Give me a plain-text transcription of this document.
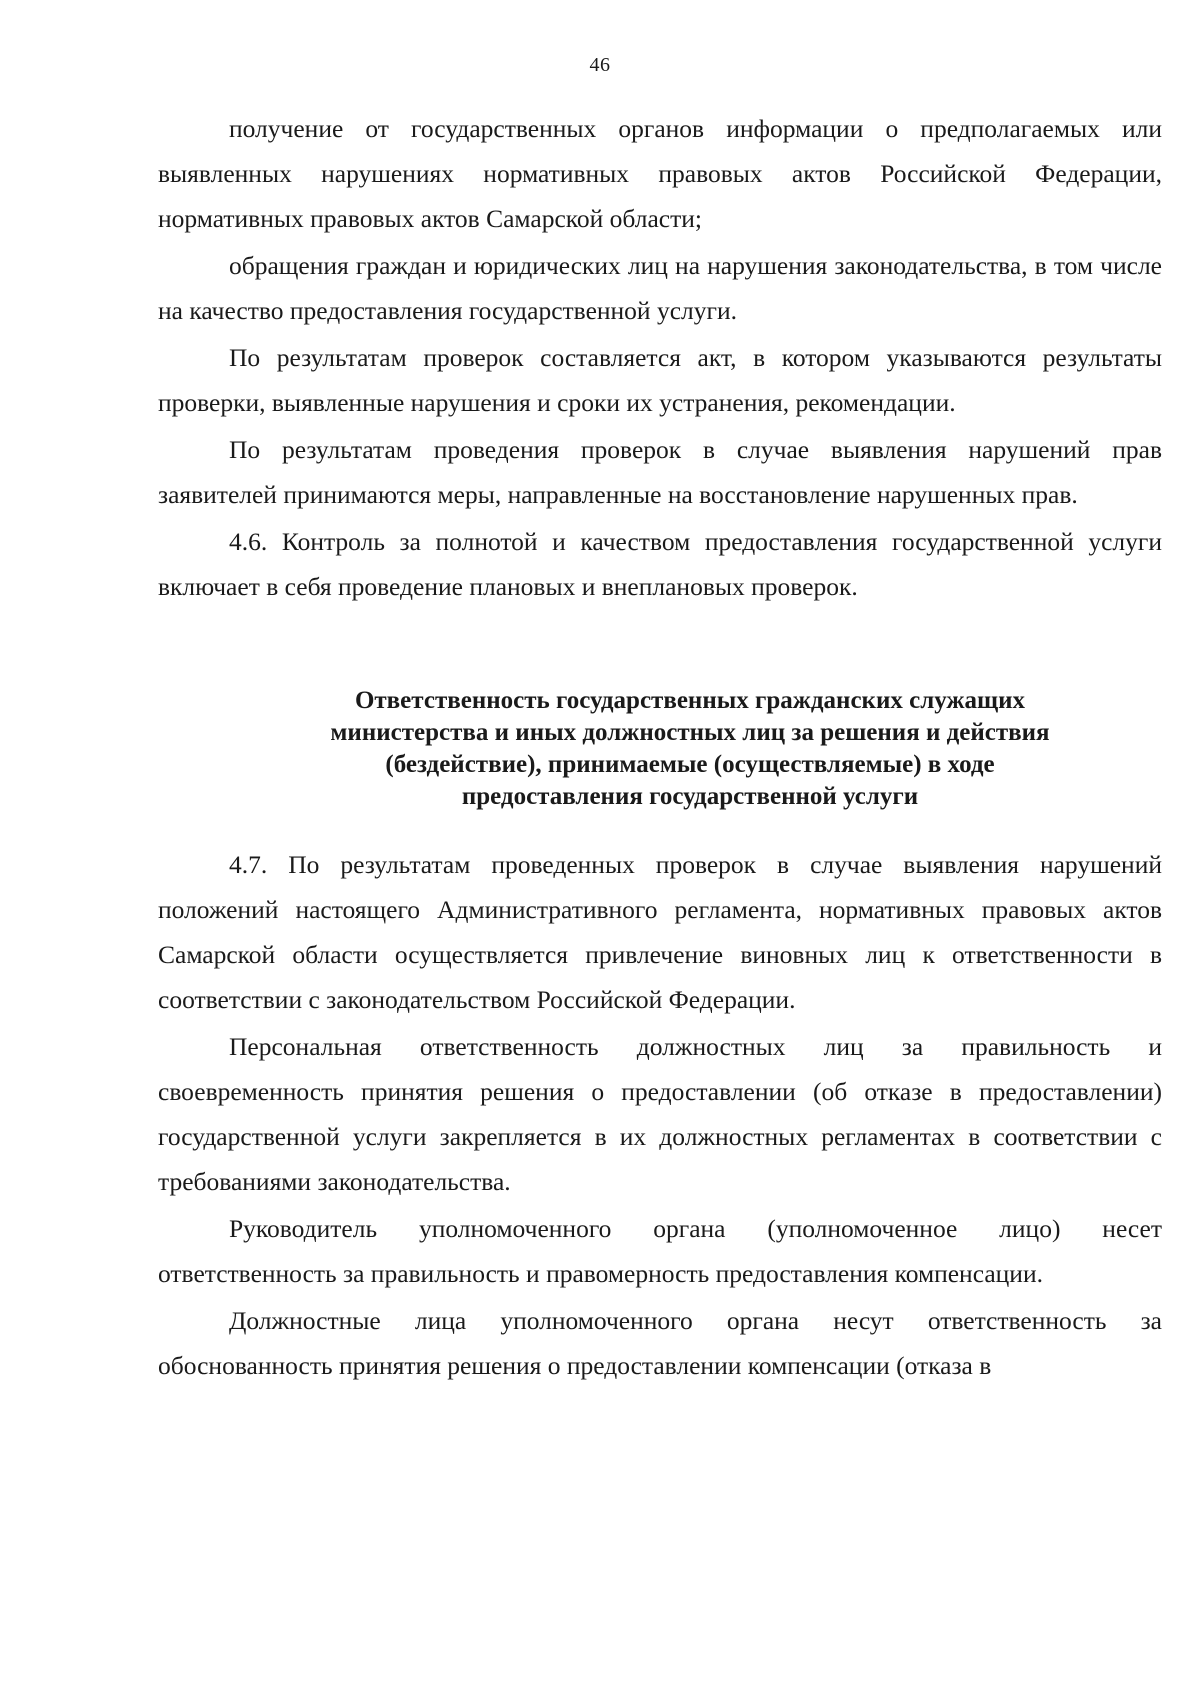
46

получение от государственных органов информации о предполагаемых или выявленных нарушениях нормативных правовых актов Российской Федерации, нормативных правовых актов Самарской области;

обращения граждан и юридических лиц на нарушения законодательства, в том числе на качество предоставления государственной услуги.

По результатам проверок составляется акт, в котором указываются результаты проверки, выявленные нарушения и сроки их устранения, рекомендации.

По результатам проведения проверок в случае выявления нарушений прав заявителей принимаются меры, направленные на восстановление нарушенных прав.

4.6. Контроль за полнотой и качеством предоставления государственной услуги включает в себя проведение плановых и внеплановых проверок.

Ответственность государственных гражданских служащих
министерства и иных должностных лиц за решения и действия
(бездействие), принимаемые (осуществляемые) в ходе
предоставления государственной услуги

4.7. По результатам проведенных проверок в случае выявления нарушений положений настоящего Административного регламента, нормативных правовых актов Самарской области осуществляется привлечение виновных лиц к ответственности в соответствии с законодательством Российской Федерации.

Персональная ответственность должностных лиц за правильность и своевременность принятия решения о предоставлении (об отказе в предоставлении) государственной услуги закрепляется в их должностных регламентах в соответствии с требованиями законодательства.

Руководитель уполномоченного органа (уполномоченное лицо) несет ответственность за правильность и правомерность предоставления компенсации.

Должностные лица уполномоченного органа несут ответственность за обоснованность принятия решения о предоставлении компенсации (отказа в
